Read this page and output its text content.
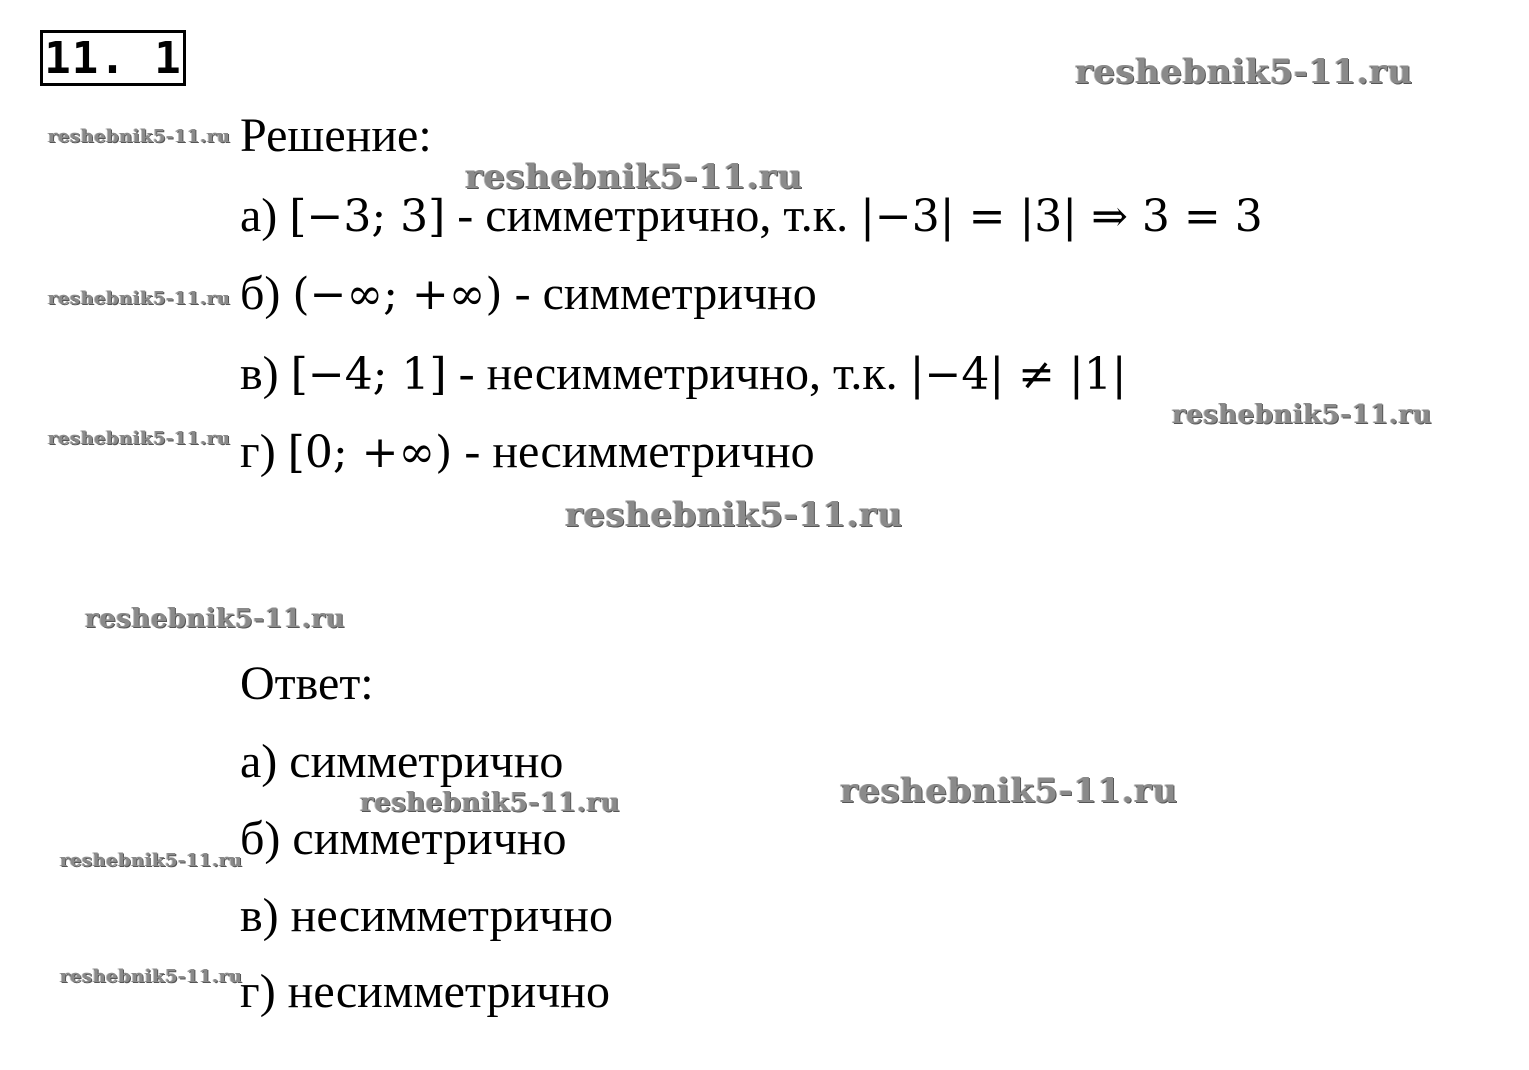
11. 1
Решение:
а) [−3; 3] - симметрично, т.к. |−3| = |3| ⇒ 3 = 3
б) (−∞; +∞) - симметрично
в) [−4; 1] - несимметрично, т.к. |−4| ≠ |1|
г) [0; +∞) - несимметрично
Ответ:
а) симметрично
б) симметрично
в) несимметрично
г) несимметрично
reshebnik5-11.ru
reshebnik5-11.ru
reshebnik5-11.ru
reshebnik5-11.ru
reshebnik5-11.ru
reshebnik5-11.ru
reshebnik5-11.ru
reshebnik5-11.ru
reshebnik5-11.ru
reshebnik5-11.ru
reshebnik5-11.ru
reshebnik5-11.ru
